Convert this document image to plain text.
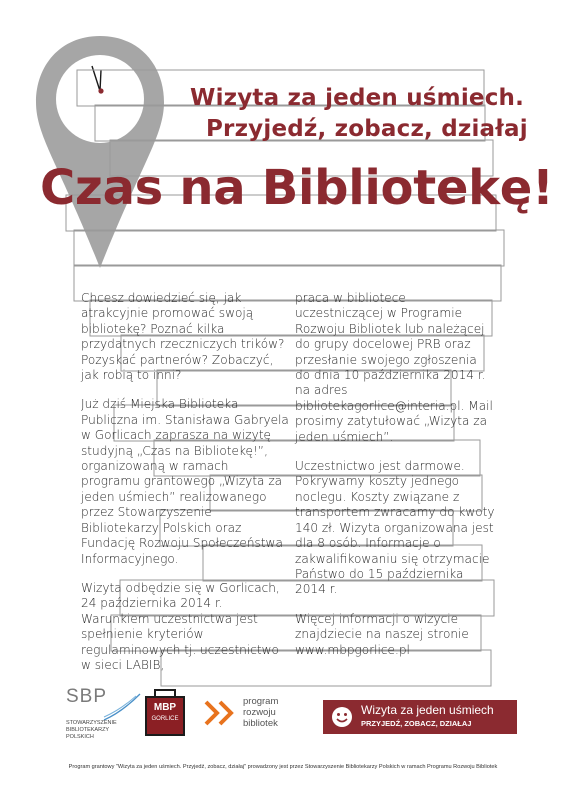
Wizyta za jeden uśmiech.
Przyjedź, zobacz, działaj
Czas na Bibliotekę!

Chcesz dowiedzieć się, jak atrakcyjnie promować swoją bibliotekę? Poznać kilka przydatnych rzeczniczych trików? Pozyskać partnerów? Zobaczyć, jak robią to inni?

Już dziś Miejska Biblioteka Publiczna im. Stanisława Gabryela w Gorlicach zaprasza na wizytę studyjną „Czas na Bibliotekę!”, organizowaną w ramach programu grantowego „Wizyta za jeden uśmiech” realizowanego przez Stowarzyszenie Bibliotekarzy Polskich oraz Fundację Rozwoju Społeczeństwa Informacyjnego.

Wizyta odbędzie się w Gorlicach, 24 października 2014 r. Warunkiem uczestnictwa jest spełnienie kryteriów regulaminowych tj. uczestnictwo w sieci LABIB,

praca w bibliotece uczestniczącej w Programie Rozwoju Bibliotek lub należącej do grupy docelowej PRB oraz przesłanie swojego zgłoszenia do dnia 10 października 2014 r. na adres bibliotekagorlice@interia.pl. Mail prosimy zatytułować „Wizyta za jeden uśmiech”.

Uczestnictwo jest darmowe. Pokrywamy koszty jednego noclegu. Koszty związane z transportem zwracamy do kwoty 140 zł. Wizyta organizowana jest dla 8 osób. Informacje o zakwalifikowaniu się otrzymacie Państwo do 15 października 2014 r.

Więcej informacji o wizycie znajdziecie na naszej stronie www.mbpgorlice.pl

SBP
STOWARZYSZENIE BIBLIOTEKARZY POLSKICH
MBP
GORLICE
program rozwoju bibliotek
Wizyta za jeden uśmiech
PRZYJEDŹ, ZOBACZ, DZIAŁAJ
Program grantowy "Wizyta za jeden uśmiech. Przyjedź, zobacz, działaj" prowadzony jest przez Stowarzyszenie Bibliotekarzy Polskich w ramach Programu Rozwoju Bibliotek
